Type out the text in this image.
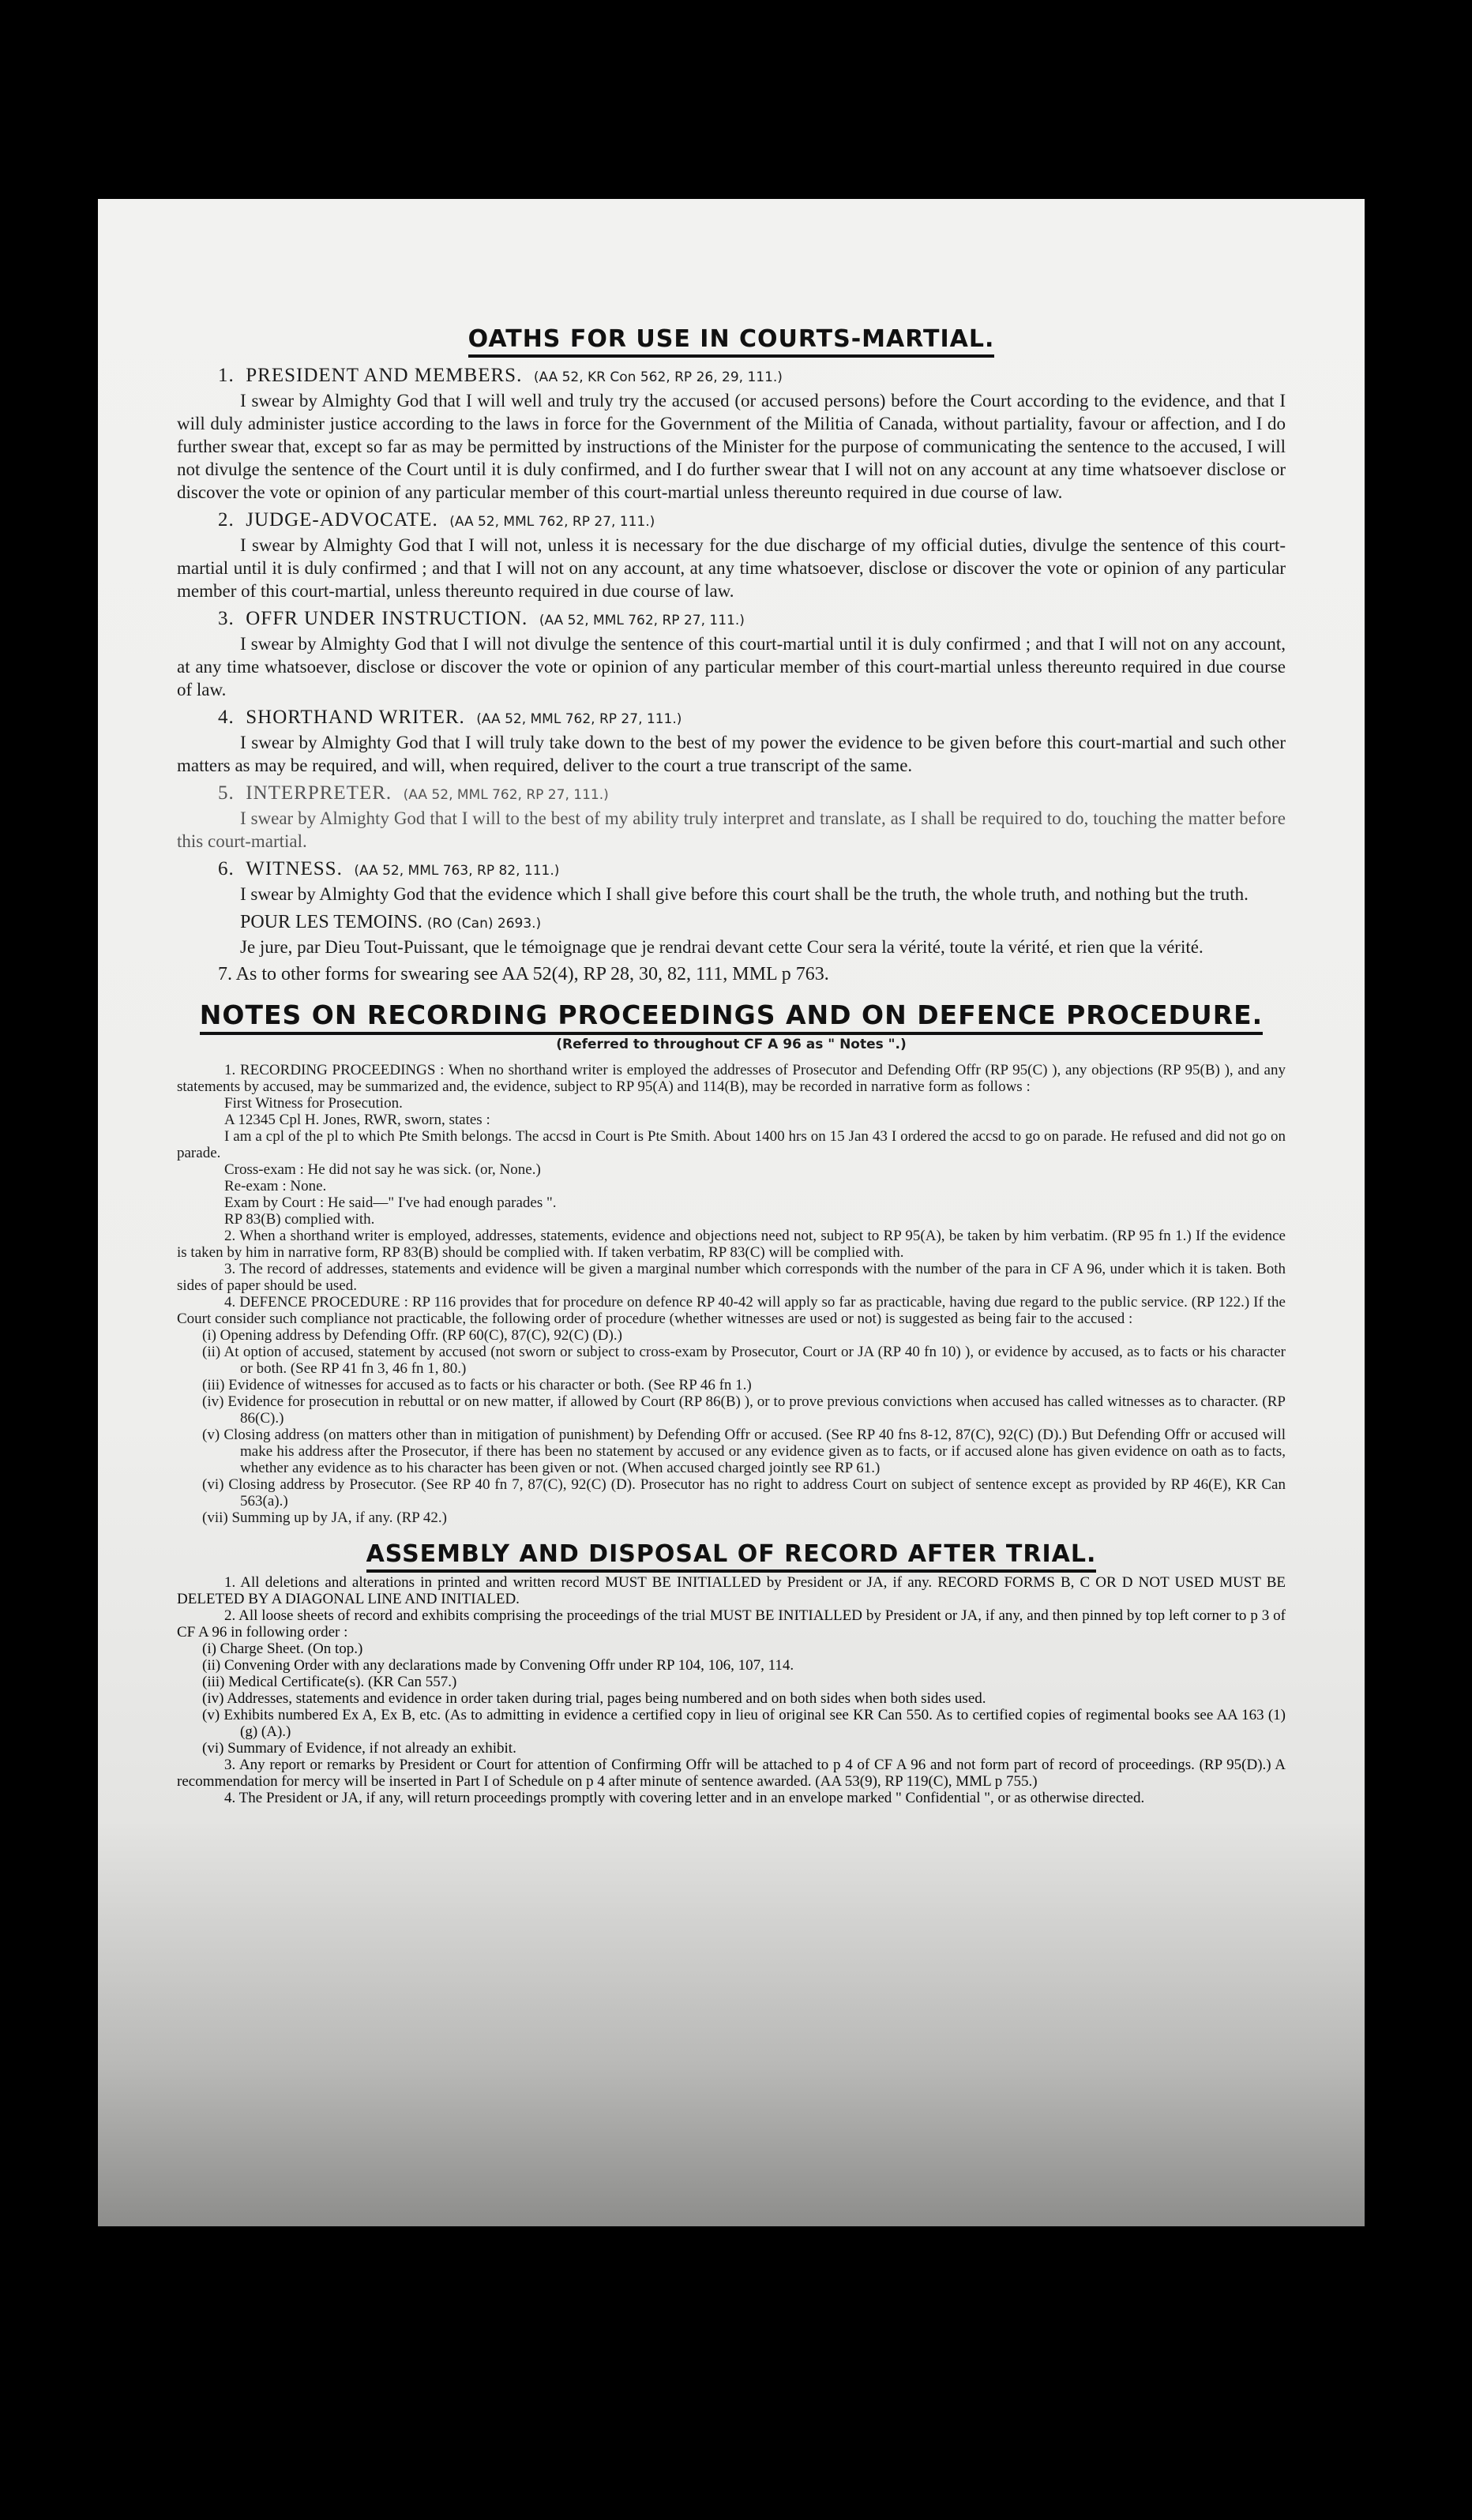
OATHS FOR USE IN COURTS-MARTIAL.
1. PRESIDENT AND MEMBERS. (AA 52, KR Con 562, RP 26, 29, 111.)

I swear by Almighty God that I will well and truly try the accused (or accused persons) before the Court according to the evidence, and that I will duly administer justice according to the laws in force for the Government of the Militia of Canada, without partiality, favour or affection, and I do further swear that, except so far as may be permitted by instructions of the Minister for the purpose of communicating the sentence to the accused, I will not divulge the sentence of the Court until it is duly confirmed, and I do further swear that I will not on any account at any time whatsoever disclose or discover the vote or opinion of any particular member of this court-martial unless thereunto required in due course of law.

2. JUDGE-ADVOCATE. (AA 52, MML 762, RP 27, 111.)

I swear by Almighty God that I will not, unless it is necessary for the due discharge of my official duties, divulge the sentence of this court-martial until it is duly confirmed ; and that I will not on any account, at any time whatsoever, disclose or discover the vote or opinion of any particular member of this court-martial, unless thereunto required in due course of law.

3. OFFR UNDER INSTRUCTION. (AA 52, MML 762, RP 27, 111.)

I swear by Almighty God that I will not divulge the sentence of this court-martial until it is duly confirmed ; and that I will not on any account, at any time whatsoever, disclose or discover the vote or opinion of any particular member of this court-martial unless thereunto required in due course of law.

4. SHORTHAND WRITER. (AA 52, MML 762, RP 27, 111.)

I swear by Almighty God that I will truly take down to the best of my power the evidence to be given before this court-martial and such other matters as may be required, and will, when required, deliver to the court a true transcript of the same.

5. INTERPRETER. (AA 52, MML 762, RP 27, 111.)

I swear by Almighty God that I will to the best of my ability truly interpret and translate, as I shall be required to do, touching the matter before this court-martial.

6. WITNESS. (AA 52, MML 763, RP 82, 111.)

I swear by Almighty God that the evidence which I shall give before this court shall be the truth, the whole truth, and nothing but the truth.

POUR LES TEMOINS. (RO (Can) 2693.)

Je jure, par Dieu Tout-Puissant, que le témoignage que je rendrai devant cette Cour sera la vérité, toute la vérité, et rien que la vérité.

7. As to other forms for swearing see AA 52(4), RP 28, 30, 82, 111, MML p 763.
NOTES ON RECORDING PROCEEDINGS AND ON DEFENCE PROCEDURE.
(Referred to throughout CF A 96 as " Notes ".)

1. RECORDING PROCEEDINGS : When no shorthand writer is employed the addresses of Prosecutor and Defending Offr (RP 95(C) ), any objections (RP 95(B) ), and any statements by accused, may be summarized and, the evidence, subject to RP 95(A) and 114(B), may be recorded in narrative form as follows :

First Witness for Prosecution.

A 12345 Cpl H. Jones, RWR, sworn, states :

I am a cpl of the pl to which Pte Smith belongs. The accsd in Court is Pte Smith. About 1400 hrs on 15 Jan 43 I ordered the accsd to go on parade. He refused and did not go on parade.

Cross-exam : He did not say he was sick. (or, None.)

Re-exam : None.

Exam by Court : He said—" I've had enough parades ".

RP 83(B) complied with.

2. When a shorthand writer is employed, addresses, statements, evidence and objections need not, subject to RP 95(A), be taken by him verbatim. (RP 95 fn 1.) If the evidence is taken by him in narrative form, RP 83(B) should be complied with. If taken verbatim, RP 83(C) will be complied with.

3. The record of addresses, statements and evidence will be given a marginal number which corresponds with the number of the para in CF A 96, under which it is taken. Both sides of paper should be used.

4. DEFENCE PROCEDURE : RP 116 provides that for procedure on defence RP 40-42 will apply so far as practicable, having due regard to the public service. (RP 122.) If the Court consider such compliance not practicable, the following order of procedure (whether witnesses are used or not) is suggested as being fair to the accused :

(i) Opening address by Defending Offr. (RP 60(C), 87(C), 92(C) (D).)

(ii) At option of accused, statement by accused (not sworn or subject to cross-exam by Prosecutor, Court or JA (RP 40 fn 10) ), or evidence by accused, as to facts or his character or both. (See RP 41 fn 3, 46 fn 1, 80.)

(iii) Evidence of witnesses for accused as to facts or his character or both. (See RP 46 fn 1.)

(iv) Evidence for prosecution in rebuttal or on new matter, if allowed by Court (RP 86(B) ), or to prove previous convictions when accused has called witnesses as to character. (RP 86(C).)

(v) Closing address (on matters other than in mitigation of punishment) by Defending Offr or accused. (See RP 40 fns 8-12, 87(C), 92(C) (D).) But Defending Offr or accused will make his address after the Prosecutor, if there has been no statement by accused or any evidence given as to facts, or if accused alone has given evidence on oath as to facts, whether any evidence as to his character has been given or not. (When accused charged jointly see RP 61.)

(vi) Closing address by Prosecutor. (See RP 40 fn 7, 87(C), 92(C) (D). Prosecutor has no right to address Court on subject of sentence except as provided by RP 46(E), KR Can 563(a).)

(vii) Summing up by JA, if any. (RP 42.)

ASSEMBLY AND DISPOSAL OF RECORD AFTER TRIAL.

1. All deletions and alterations in printed and written record MUST BE INITIALLED by President or JA, if any. RECORD FORMS B, C OR D NOT USED MUST BE DELETED BY A DIAGONAL LINE AND INITIALED.

2. All loose sheets of record and exhibits comprising the proceedings of the trial MUST BE INITIALLED by President or JA, if any, and then pinned by top left corner to p 3 of CF A 96 in following order :

(i) Charge Sheet. (On top.)

(ii) Convening Order with any declarations made by Convening Offr under RP 104, 106, 107, 114.

(iii) Medical Certificate(s). (KR Can 557.)

(iv) Addresses, statements and evidence in order taken during trial, pages being numbered and on both sides when both sides used.

(v) Exhibits numbered Ex A, Ex B, etc. (As to admitting in evidence a certified copy in lieu of original see KR Can 550. As to certified copies of regimental books see AA 163 (1) (g) (A).)

(vi) Summary of Evidence, if not already an exhibit.

3. Any report or remarks by President or Court for attention of Confirming Offr will be attached to p 4 of CF A 96 and not form part of record of proceedings. (RP 95(D).) A recommendation for mercy will be inserted in Part I of Schedule on p 4 after minute of sentence awarded. (AA 53(9), RP 119(C), MML p 755.)

4. The President or JA, if any, will return proceedings promptly with covering letter and in an envelope marked " Confidential ", or as otherwise directed.
